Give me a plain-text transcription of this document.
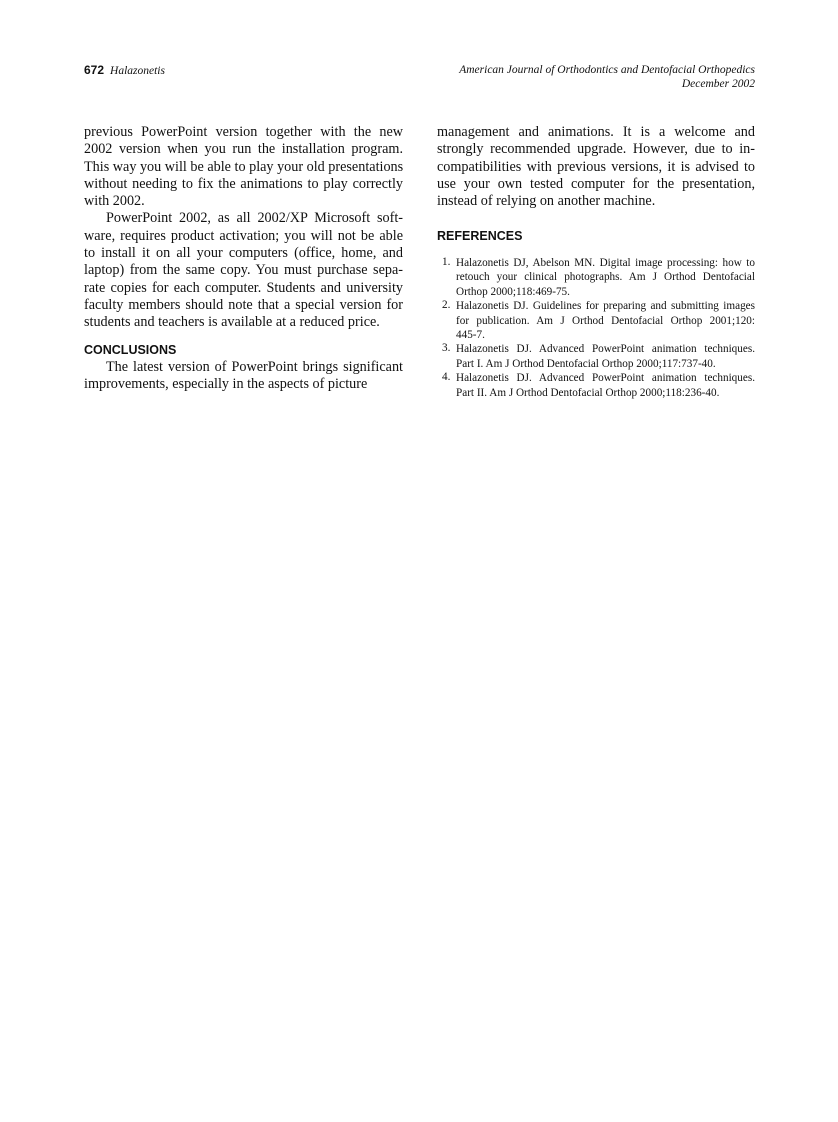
672 Halazonetis	American Journal of Orthodontics and Dentofacial Orthopedics
December 2002
previous PowerPoint version together with the new
2002 version when you run the installation program.
This way you will be able to play your old presentations
without needing to fix the animations to play correctly
with 2002.
PowerPoint 2002, as all 2002/XP Microsoft soft-
ware, requires product activation; you will not be able
to install it on all your computers (office, home, and
laptop) from the same copy. You must purchase sepa-
rate copies for each computer. Students and university
faculty members should note that a special version for
students and teachers is available at a reduced price.
CONCLUSIONS
The latest version of PowerPoint brings significant
improvements, especially in the aspects of picture
management and animations. It is a welcome and
strongly recommended upgrade. However, due to in-
compatibilities with previous versions, it is advised to
use your own tested computer for the presentation,
instead of relying on another machine.
REFERENCES
1. Halazonetis DJ, Abelson MN. Digital image processing: how to
retouch your clinical photographs. Am J Orthod Dentofacial
Orthop 2000;118:469-75.
2. Halazonetis DJ. Guidelines for preparing and submitting images
for publication. Am J Orthod Dentofacial Orthop 2001;120:
445-7.
3. Halazonetis DJ. Advanced PowerPoint animation techniques.
Part I. Am J Orthod Dentofacial Orthop 2000;117:737-40.
4. Halazonetis DJ. Advanced PowerPoint animation techniques.
Part II. Am J Orthod Dentofacial Orthop 2000;118:236-40.
